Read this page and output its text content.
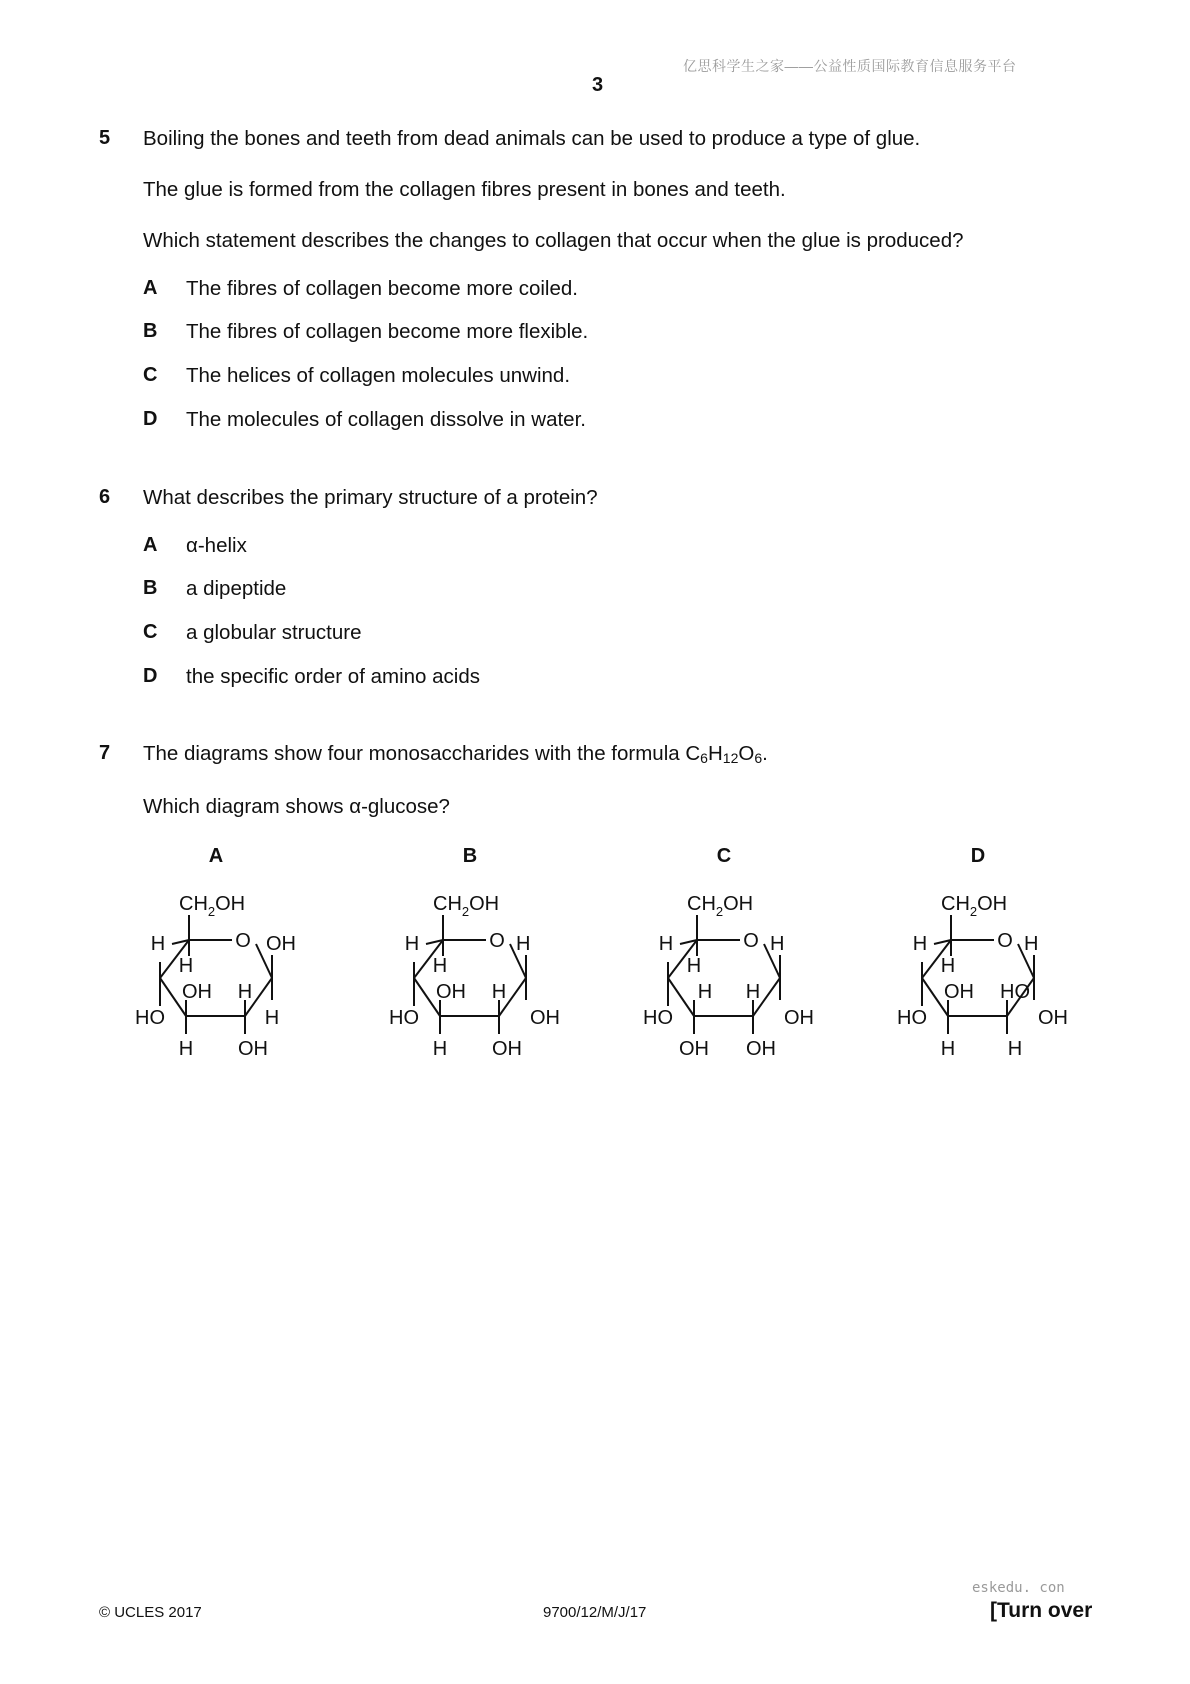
亿思科学生之家——公益性质国际教育信息服务平台
3
5 Boiling the bones and teeth from dead animals can be used to produce a type of glue.
The glue is formed from the collagen fibres present in bones and teeth.
Which statement describes the changes to collagen that occur when the glue is produced?
A The fibres of collagen become more coiled.
B The fibres of collagen become more flexible.
C The helices of collagen molecules unwind.
D The molecules of collagen dissolve in water.
6 What describes the primary structure of a protein?
A α-helix
B a dipeptide
C a globular structure
D the specific order of amino acids
7 The diagrams show four monosaccharides with the formula C6H12O6.
Which diagram shows α-glucose?
A
$CH_2OH$
O
H
H
OH
H
HO
OH
H
H
OH
B
$CH_2OH$
O
H
H
H
OH
HO
OH
H
H
OH
C
$CH_2OH$
O
H
H
H
OH
HO
H
OH
H
OH
D
$CH_2OH$
O
H
H
H
OH
HO
OH
H
HO
H
eskedu. con
© UCLES 2017	9700/12/M/J/17	[Turn over
